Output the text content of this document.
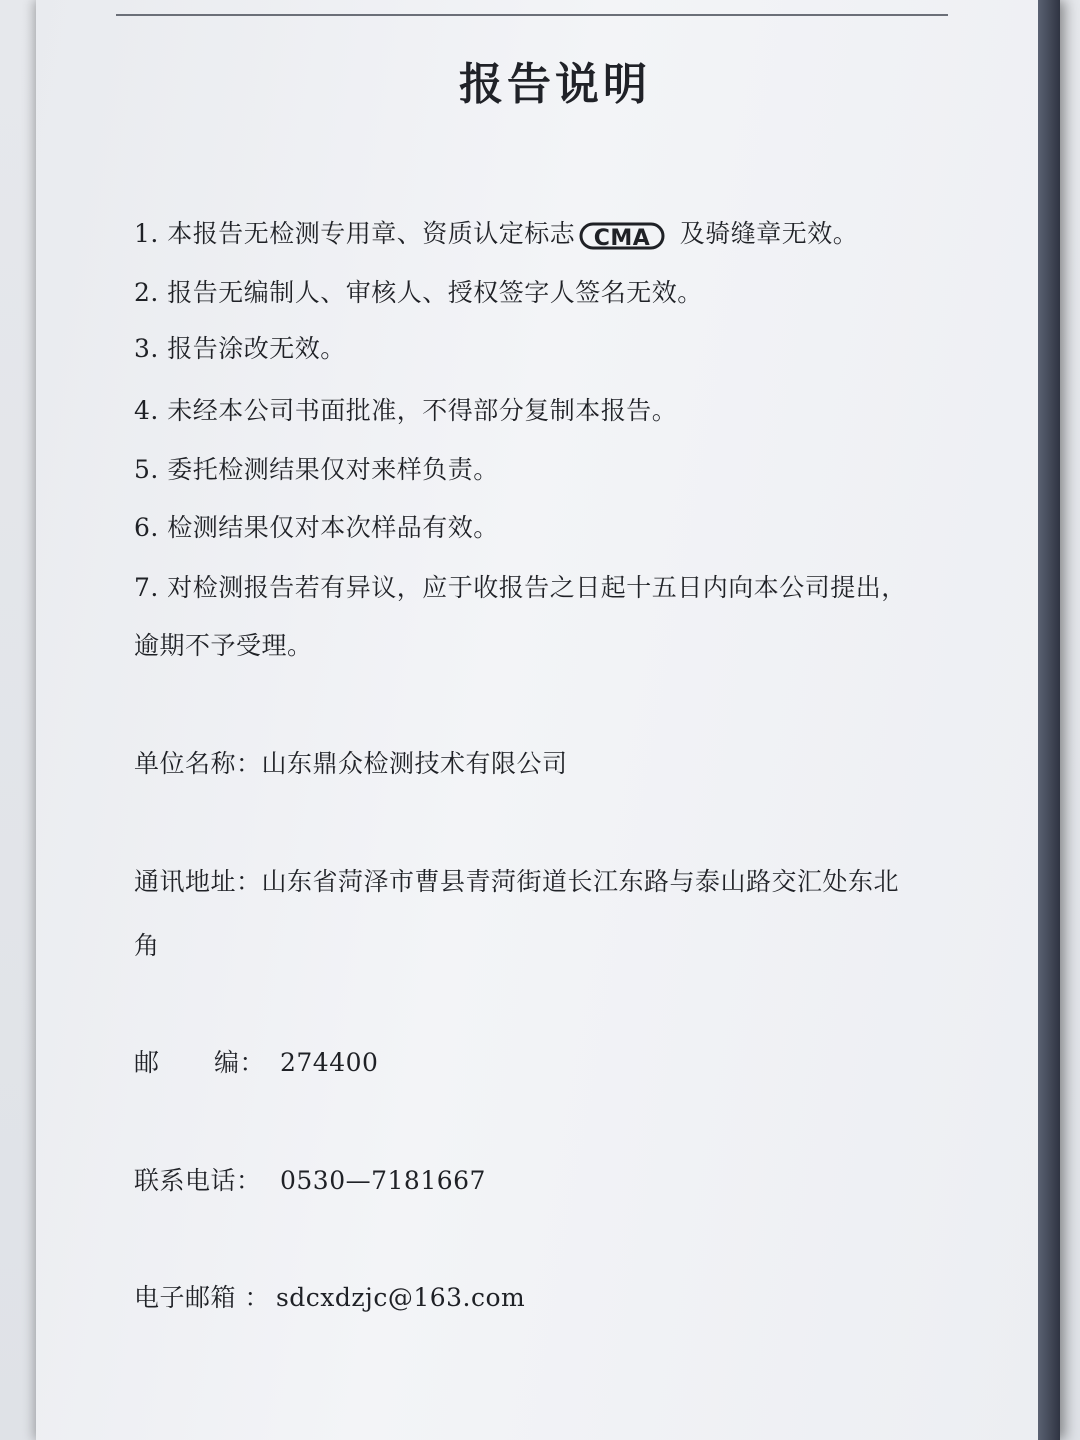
报告说明
1. 本报告无检测专用章、资质认定标志 CMA 及骑缝章无效。
2. 报告无编制人、审核人、授权签字人签名无效。
3. 报告涂改无效。
4. 未经本公司书面批准，不得部分复制本报告。
5. 委托检测结果仅对来样负责。
6. 检测结果仅对本次样品有效。
7. 对检测报告若有异议，应于收报告之日起十五日内向本公司提出，
逾期不予受理。
单位名称：山东鼎众检测技术有限公司
通讯地址：山东省菏泽市曹县青菏街道长江东路与泰山路交汇处东北
角
邮 编： 274400
联系电话： 0530—7181667
电子邮箱 ： sdcxdzjc@163.com
